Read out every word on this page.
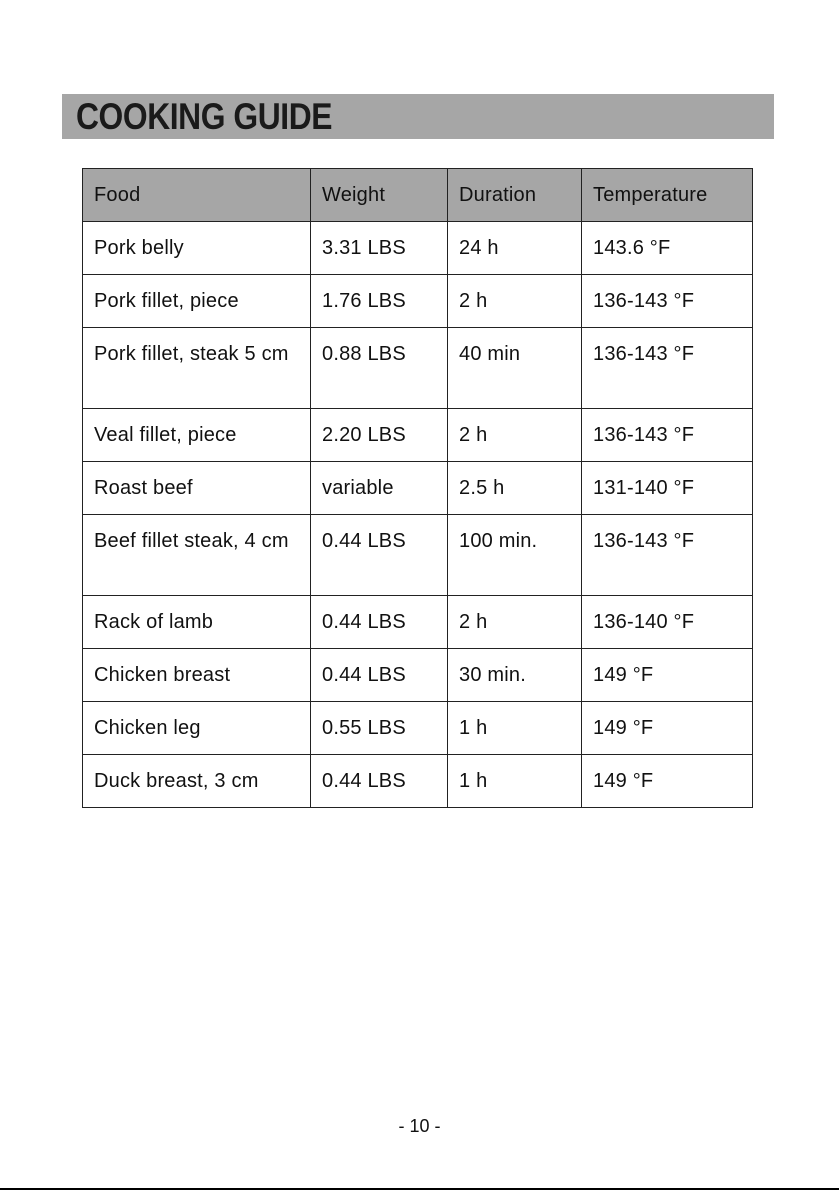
COOKING GUIDE
Food	Weight	Duration	Temperature
Pork belly	3.31 LBS	24 h	143.6 °F
Pork fillet, piece	1.76 LBS	2 h	136-143 °F
Pork fillet, steak 5 cm	0.88 LBS	40 min	136-143 °F
Veal fillet, piece	2.20 LBS	2 h	136-143 °F
Roast beef	variable	2.5 h	131-140 °F
Beef fillet steak, 4 cm	0.44 LBS	100 min.	136-143 °F
Rack of lamb	0.44 LBS	2 h	136-140 °F
Chicken breast	0.44 LBS	30 min.	149 °F
Chicken leg	0.55 LBS	1 h	149 °F
Duck breast, 3 cm	0.44 LBS	1 h	149 °F
- 10 -
